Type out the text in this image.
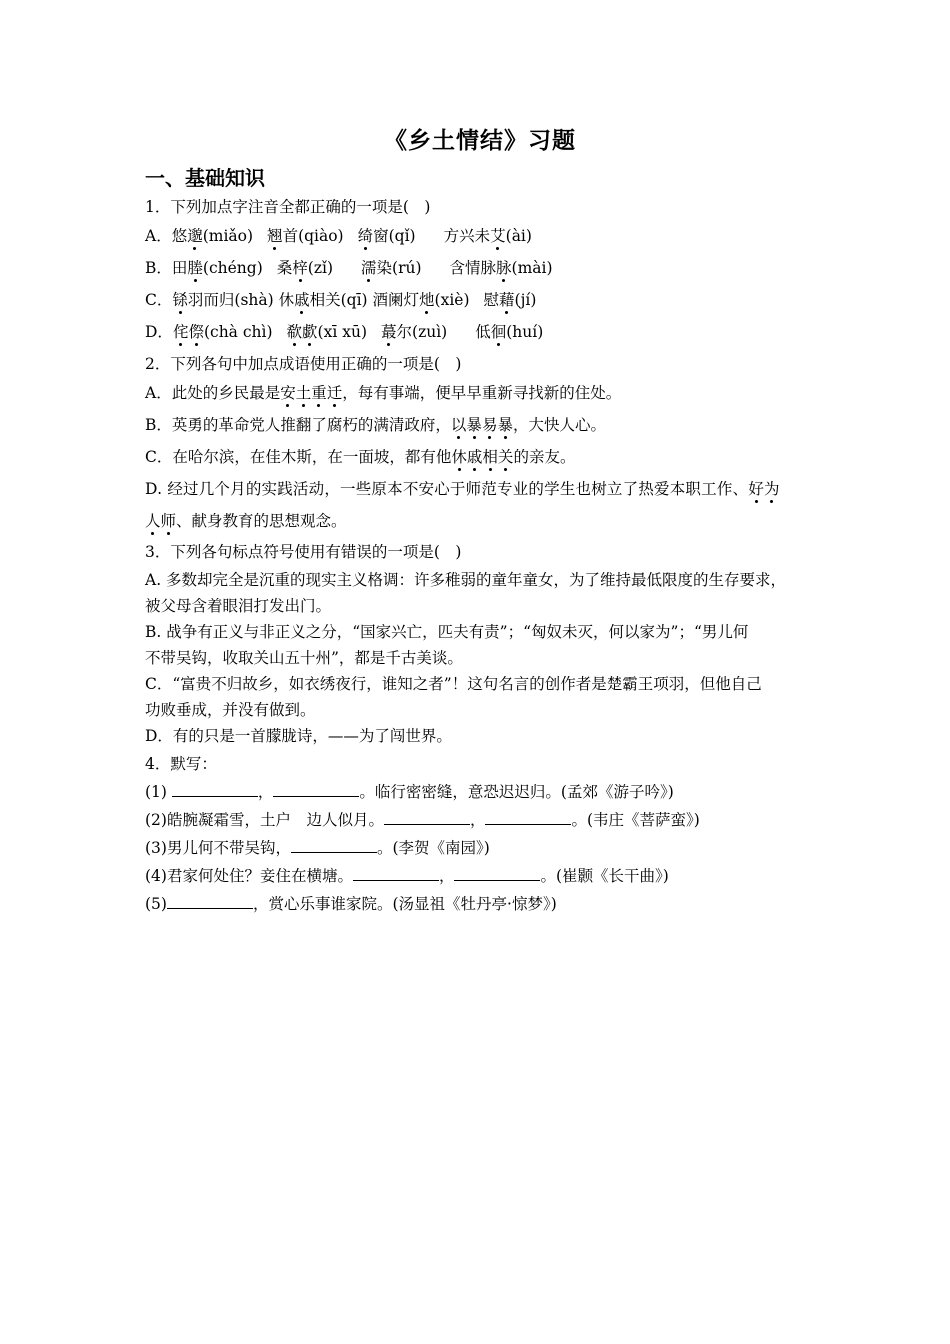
《乡土情结》习题
一、基础知识
1．下列加点字注音全都正确的一项是(　)
A．悠邈(miǎo) 翘首(qiào) 绮窗(qǐ) 方兴未艾(ài)
B．田塍(chéng) 桑梓(zǐ) 濡染(rú) 含情脉脉(mài)
C．铩羽而归(shà) 休戚相关(qī) 酒阑灯灺(xiè) 慰藉(jí)
D．侘傺(chà chì) 欷歔(xī xū) 蕞尔(zuì) 低徊(huí)
2．下列各句中加点成语使用正确的一项是(　)
A．此处的乡民最是安土重迁，每有事端，便早早重新寻找新的住处。
B．英勇的革命党人推翻了腐朽的满清政府，以暴易暴，大快人心。
C．在哈尔滨，在佳木斯，在一面坡，都有他休戚相关的亲友。
D. 经过几个月的实践活动，一些原本不安心于师范专业的学生也树立了热爱本职工作、好为
人师、献身教育的思想观念。
3．下列各句标点符号使用有错误的一项是(　)
A. 多数却完全是沉重的现实主义格调：许多稚弱的童年童女，为了维持最低限度的生存要求，
被父母含着眼泪打发出门。
B. 战争有正义与非正义之分，“国家兴亡，匹夫有责”；“匈奴未灭，何以家为”；“男儿何
不带吴钩，收取关山五十州”，都是千古美谈。
C．“富贵不归故乡，如衣绣夜行，谁知之者”！这句名言的创作者是楚霸王项羽，但他自己
功败垂成，并没有做到。
D．有的只是一首朦胧诗，——为了闯世界。
4．默写：
(1)	，	。临行密密缝，意恐迟迟归。(孟郊《游子吟》)
(2)皓腕凝霜雪，土户　边人似月。	，	。(韦庄《菩萨蛮》)
(3)男儿何不带吴钩，	。(李贺《南园》)
(4)君家何处住？妾住在横塘。	，	。(崔颢《长干曲》)
(5)	，赏心乐事谁家院。(汤显祖《牡丹亭·惊梦》)
